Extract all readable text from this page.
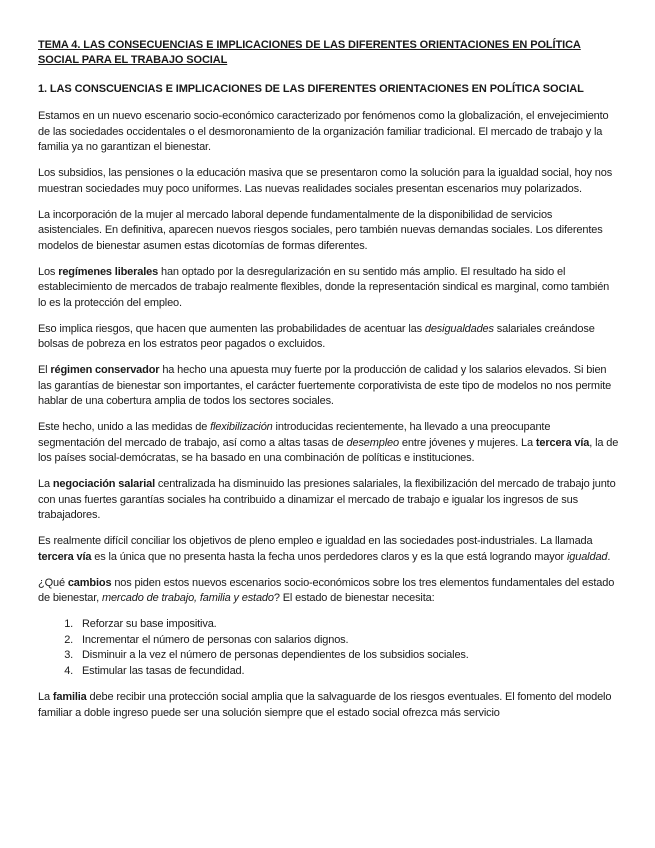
TEMA 4. LAS CONSECUENCIAS E IMPLICACIONES DE LAS DIFERENTES ORIENTACIONES EN POLÍTICA SOCIAL PARA EL TRABAJO SOCIAL
1. LAS CONSCUENCIAS E IMPLICACIONES DE LAS DIFERENTES ORIENTACIONES EN POLÍTICA SOCIAL

Estamos en un nuevo escenario socio-económico caracterizado por fenómenos como la globalización, el envejecimiento de las sociedades occidentales o el desmoronamiento de la organización familiar tradicional. El mercado de trabajo y la familia ya no garantizan el bienestar.

Los subsidios, las pensiones o la educación masiva que se presentaron como la solución para la igualdad social, hoy nos muestran sociedades muy poco uniformes. Las nuevas realidades sociales presentan escenarios muy polarizados.

La incorporación de la mujer al mercado laboral depende fundamentalmente de la disponibilidad de servicios asistenciales. En definitiva, aparecen nuevos riesgos sociales, pero también nuevas demandas sociales. Los diferentes modelos de bienestar asumen estas dicotomías de formas diferentes.

Los regímenes liberales han optado por la desregularización en su sentido más amplio. El resultado ha sido el establecimiento de mercados de trabajo realmente flexibles, donde la representación sindical es marginal, como también lo es la protección del empleo.

Eso implica riesgos, que hacen que aumenten las probabilidades de acentuar las desigualdades salariales creándose bolsas de pobreza en los estratos peor pagados o excluidos.

El régimen conservador ha hecho una apuesta muy fuerte por la producción de calidad y los salarios elevados. Si bien las garantías de bienestar son importantes, el carácter fuertemente corporativista de este tipo de modelos no nos permite hablar de una cobertura amplia de todos los sectores sociales.

Este hecho, unido a las medidas de flexibilización introducidas recientemente, ha llevado a una preocupante segmentación del mercado de trabajo, así como a altas tasas de desempleo entre jóvenes y mujeres. La tercera vía, la de los países social-demócratas, se ha basado en una combinación de políticas e instituciones.

La negociación salarial centralizada ha disminuido las presiones salariales, la flexibilización del mercado de trabajo junto con unas fuertes garantías sociales ha contribuido a dinamizar el mercado de trabajo e igualar los ingresos de sus trabajadores.

Es realmente difícil conciliar los objetivos de pleno empleo e igualdad en las sociedades post-industriales. La llamada tercera vía es la única que no presenta hasta la fecha unos perdedores claros y es la que está logrando mayor igualdad.

¿Qué cambios nos piden estos nuevos escenarios socio-económicos sobre los tres elementos fundamentales del estado de bienestar, mercado de trabajo, familia y estado? El estado de bienestar necesita:

1. Reforzar su base impositiva.
2. Incrementar el número de personas con salarios dignos.
3. Disminuir a la vez el número de personas dependientes de los subsidios sociales.
4. Estimular las tasas de fecundidad.

La familia debe recibir una protección social amplia que la salvaguarde de los riesgos eventuales. El fomento del modelo familiar a doble ingreso puede ser una solución siempre que el estado social ofrezca más servicio
